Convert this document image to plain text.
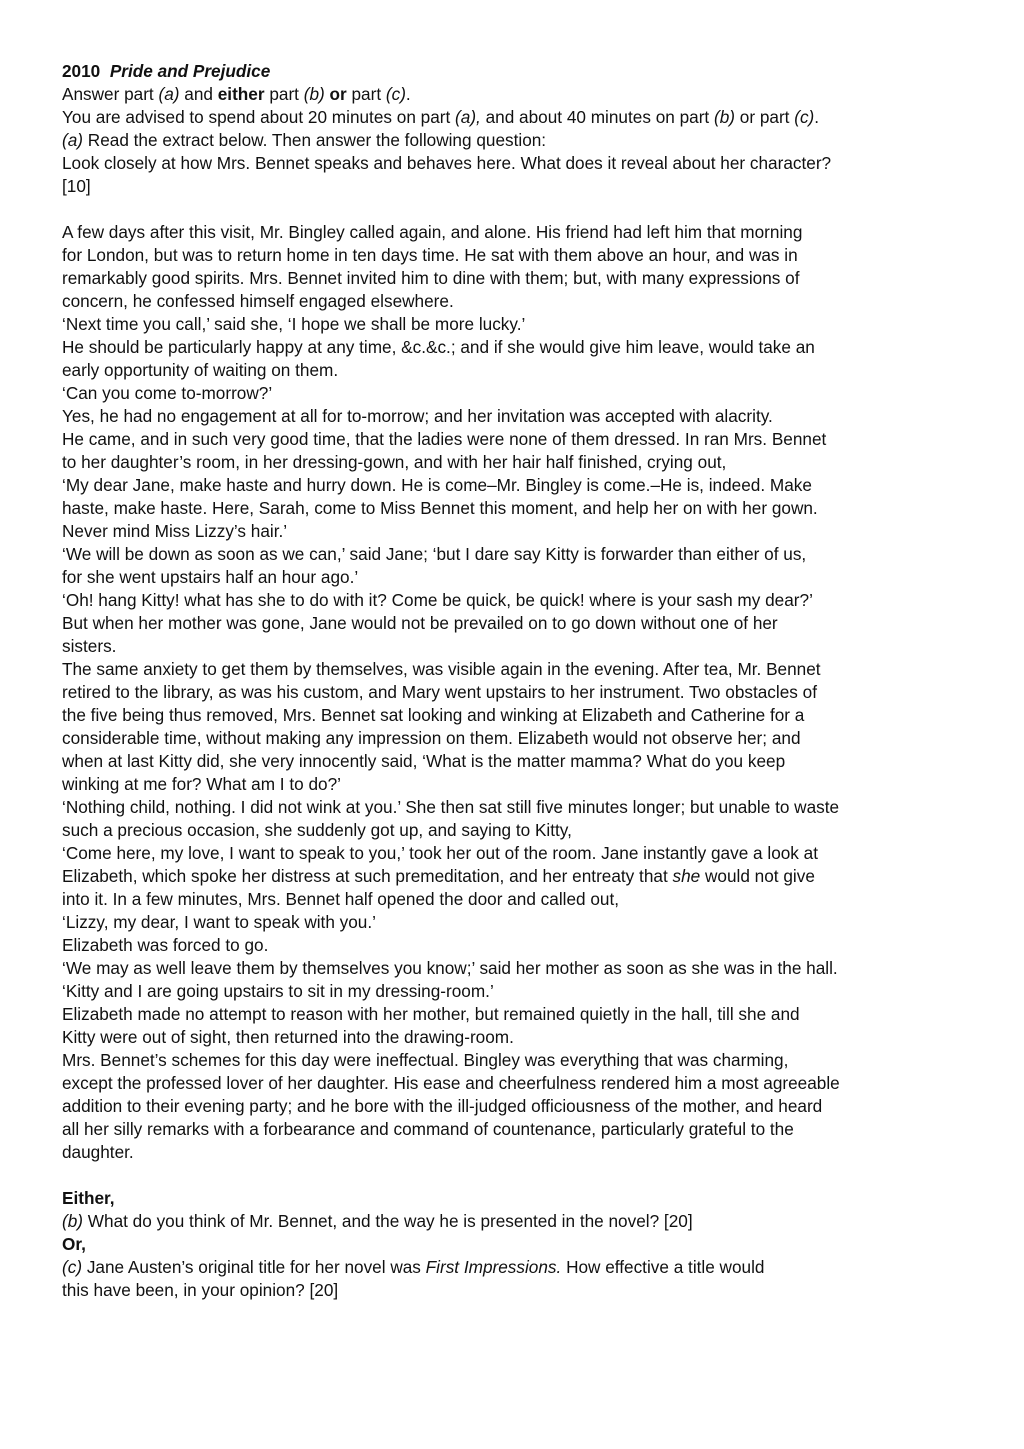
2010 Pride and Prejudice
Answer part (a) and either part (b) or part (c).
You are advised to spend about 20 minutes on part (a), and about 40 minutes on part (b) or part (c).
(a) Read the extract below. Then answer the following question:
Look closely at how Mrs. Bennet speaks and behaves here. What does it reveal about her character?
[10]
A few days after this visit, Mr. Bingley called again, and alone. His friend had left him that morning
for London, but was to return home in ten days time. He sat with them above an hour, and was in
remarkably good spirits. Mrs. Bennet invited him to dine with them; but, with many expressions of
concern, he confessed himself engaged elsewhere.
‘Next time you call,’ said she, ‘I hope we shall be more lucky.’
He should be particularly happy at any time, &c.&c.; and if she would give him leave, would take an
early opportunity of waiting on them.
‘Can you come to-morrow?’
Yes, he had no engagement at all for to-morrow; and her invitation was accepted with alacrity.
He came, and in such very good time, that the ladies were none of them dressed. In ran Mrs. Bennet
to her daughter’s room, in her dressing-gown, and with her hair half finished, crying out,
‘My dear Jane, make haste and hurry down. He is come–Mr. Bingley is come.–He is, indeed. Make
haste, make haste. Here, Sarah, come to Miss Bennet this moment, and help her on with her gown.
Never mind Miss Lizzy’s hair.’
‘We will be down as soon as we can,’ said Jane; ‘but I dare say Kitty is forwarder than either of us,
for she went upstairs half an hour ago.’
‘Oh! hang Kitty! what has she to do with it? Come be quick, be quick! where is your sash my dear?’
But when her mother was gone, Jane would not be prevailed on to go down without one of her
sisters.
The same anxiety to get them by themselves, was visible again in the evening. After tea, Mr. Bennet
retired to the library, as was his custom, and Mary went upstairs to her instrument. Two obstacles of
the five being thus removed, Mrs. Bennet sat looking and winking at Elizabeth and Catherine for a
considerable time, without making any impression on them. Elizabeth would not observe her; and
when at last Kitty did, she very innocently said, ‘What is the matter mamma? What do you keep
winking at me for? What am I to do?’
‘Nothing child, nothing. I did not wink at you.’ She then sat still five minutes longer; but unable to waste
such a precious occasion, she suddenly got up, and saying to Kitty,
‘Come here, my love, I want to speak to you,’ took her out of the room. Jane instantly gave a look at
Elizabeth, which spoke her distress at such premeditation, and her entreaty that she would not give
into it. In a few minutes, Mrs. Bennet half opened the door and called out,
‘Lizzy, my dear, I want to speak with you.’
Elizabeth was forced to go.
‘We may as well leave them by themselves you know;’ said her mother as soon as she was in the hall.
‘Kitty and I are going upstairs to sit in my dressing-room.’
Elizabeth made no attempt to reason with her mother, but remained quietly in the hall, till she and
Kitty were out of sight, then returned into the drawing-room.
Mrs. Bennet’s schemes for this day were ineffectual. Bingley was everything that was charming,
except the professed lover of her daughter. His ease and cheerfulness rendered him a most agreeable
addition to their evening party; and he bore with the ill-judged officiousness of the mother, and heard
all her silly remarks with a forbearance and command of countenance, particularly grateful to the
daughter.
Either,
(b) What do you think of Mr. Bennet, and the way he is presented in the novel? [20]
Or,
(c) Jane Austen’s original title for her novel was First Impressions. How effective a title would
this have been, in your opinion? [20]
